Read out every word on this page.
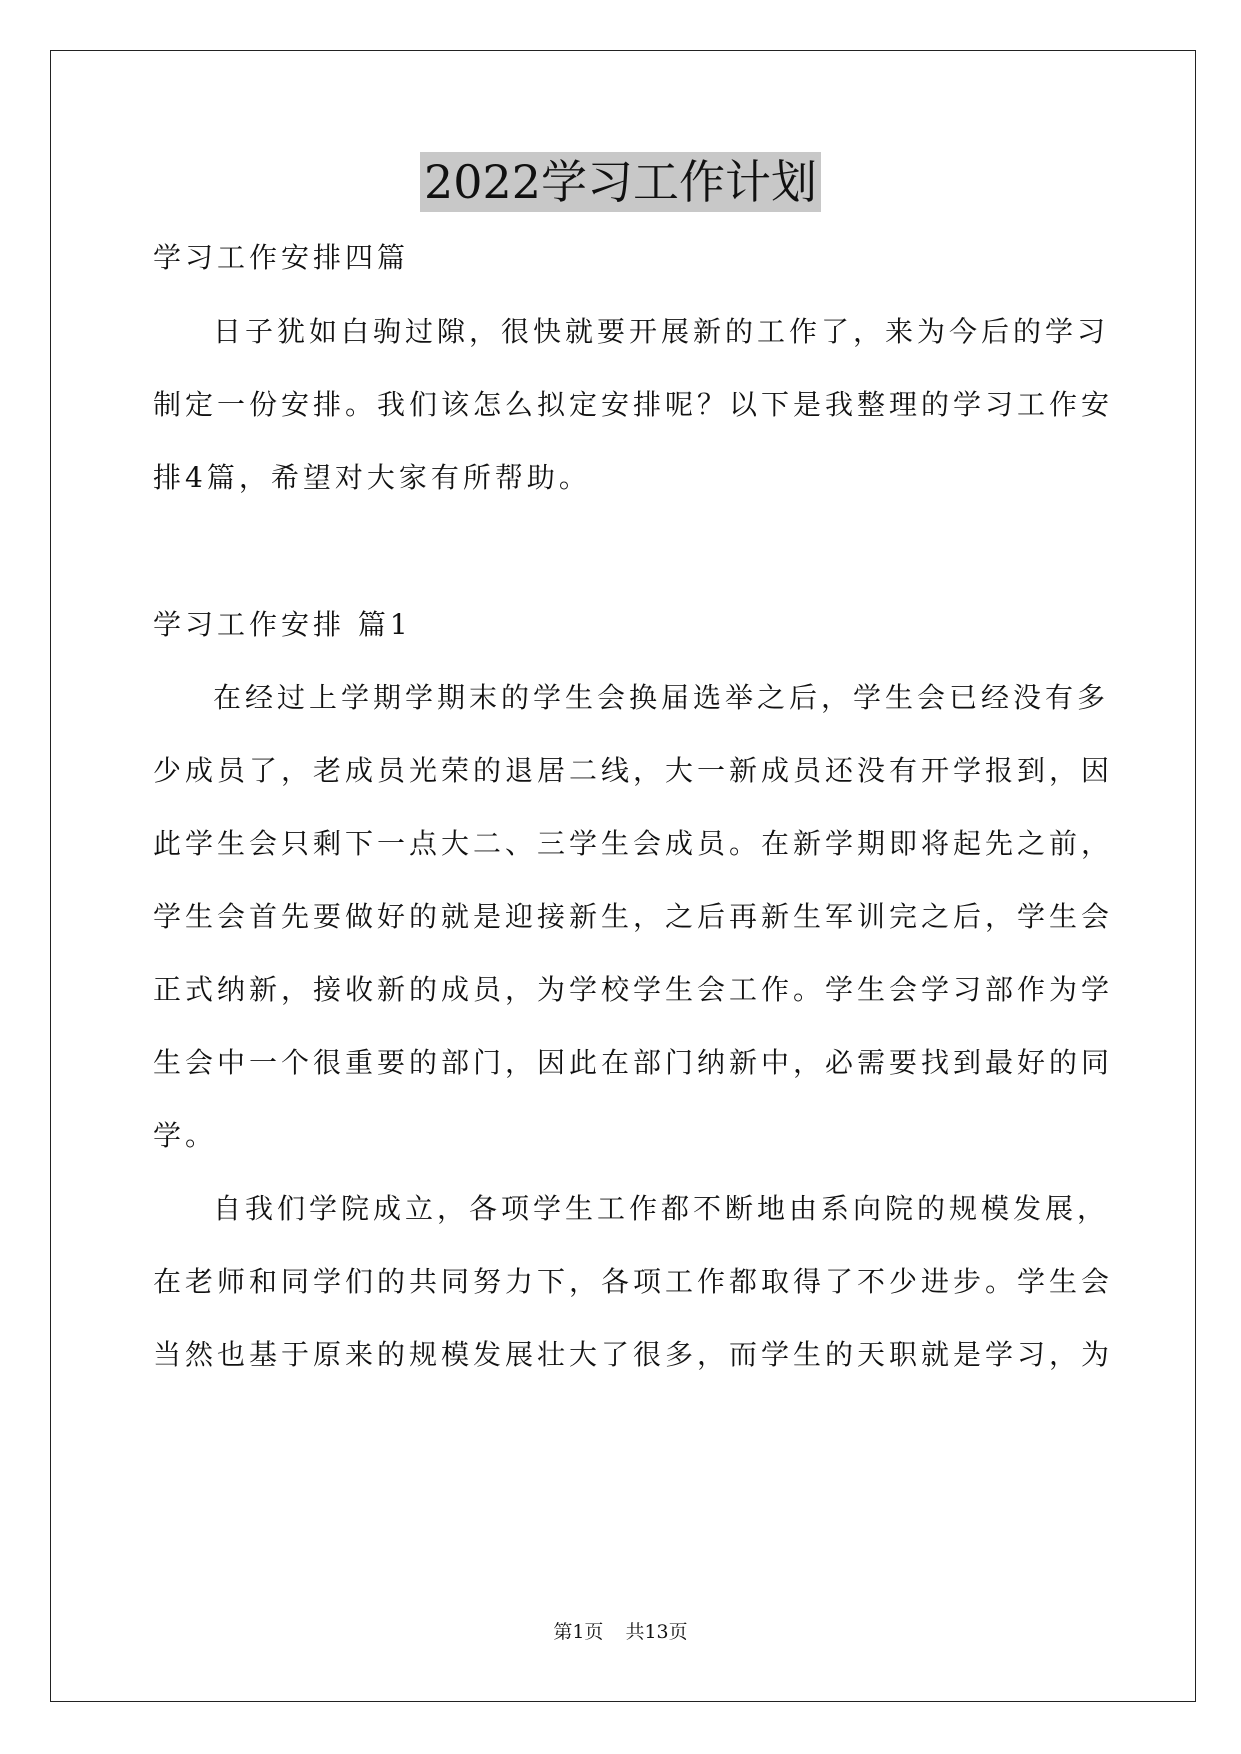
2022学习工作计划
学习工作安排四篇
日子犹如白驹过隙，很快就要开展新的工作了，来为今后的学习
制定一份安排。我们该怎么拟定安排呢？以下是我整理的学习工作安
排4篇，希望对大家有所帮助。
学习工作安排 篇1
在经过上学期学期末的学生会换届选举之后，学生会已经没有多
少成员了，老成员光荣的退居二线，大一新成员还没有开学报到，因
此学生会只剩下一点大二、三学生会成员。在新学期即将起先之前，
学生会首先要做好的就是迎接新生，之后再新生军训完之后，学生会
正式纳新，接收新的成员，为学校学生会工作。学生会学习部作为学
生会中一个很重要的部门，因此在部门纳新中，必需要找到最好的同
学。
自我们学院成立，各项学生工作都不断地由系向院的规模发展，
在老师和同学们的共同努力下，各项工作都取得了不少进步。学生会
当然也基于原来的规模发展壮大了很多，而学生的天职就是学习，为
第1页 共13页
